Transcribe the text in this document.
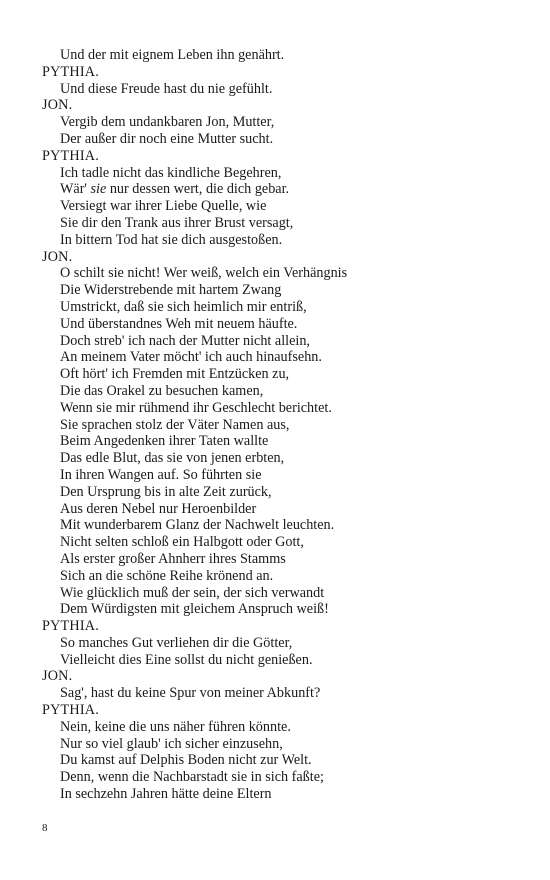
Und der mit eignem Leben ihn genährt.
PYTHIA.
Und diese Freude hast du nie gefühlt.
JON.
Vergib dem undankbaren Jon, Mutter,
Der außer dir noch eine Mutter sucht.
PYTHIA.
Ich tadle nicht das kindliche Begehren,
Wär' sie nur dessen wert, die dich gebar.
Versiegt war ihrer Liebe Quelle, wie
Sie dir den Trank aus ihrer Brust versagt,
In bittern Tod hat sie dich ausgestoßen.
JON.
O schilt sie nicht! Wer weiß, welch ein Verhängnis
Die Widerstrebende mit hartem Zwang
Umstrickt, daß sie sich heimlich mir entriß,
Und überstandnes Weh mit neuem häufte.
Doch streb' ich nach der Mutter nicht allein,
An meinem Vater möcht' ich auch hinaufsehn.
Oft hört' ich Fremden mit Entzücken zu,
Die das Orakel zu besuchen kamen,
Wenn sie mir rühmend ihr Geschlecht berichtet.
Sie sprachen stolz der Väter Namen aus,
Beim Angedenken ihrer Taten wallte
Das edle Blut, das sie von jenen erbten,
In ihren Wangen auf. So führten sie
Den Ursprung bis in alte Zeit zurück,
Aus deren Nebel nur Heroenbilder
Mit wunderbarem Glanz der Nachwelt leuchten.
Nicht selten schloß ein Halbgott oder Gott,
Als erster großer Ahnherr ihres Stamms
Sich an die schöne Reihe krönend an.
Wie glücklich muß der sein, der sich verwandt
Dem Würdigsten mit gleichem Anspruch weiß!
PYTHIA.
So manches Gut verliehen dir die Götter,
Vielleicht dies Eine sollst du nicht genießen.
JON.
Sag', hast du keine Spur von meiner Abkunft?
PYTHIA.
Nein, keine die uns näher führen könnte.
Nur so viel glaub' ich sicher einzusehn,
Du kamst auf Delphis Boden nicht zur Welt.
Denn, wenn die Nachbarstadt sie in sich faßte;
In sechzehn Jahren hätte deine Eltern
8
